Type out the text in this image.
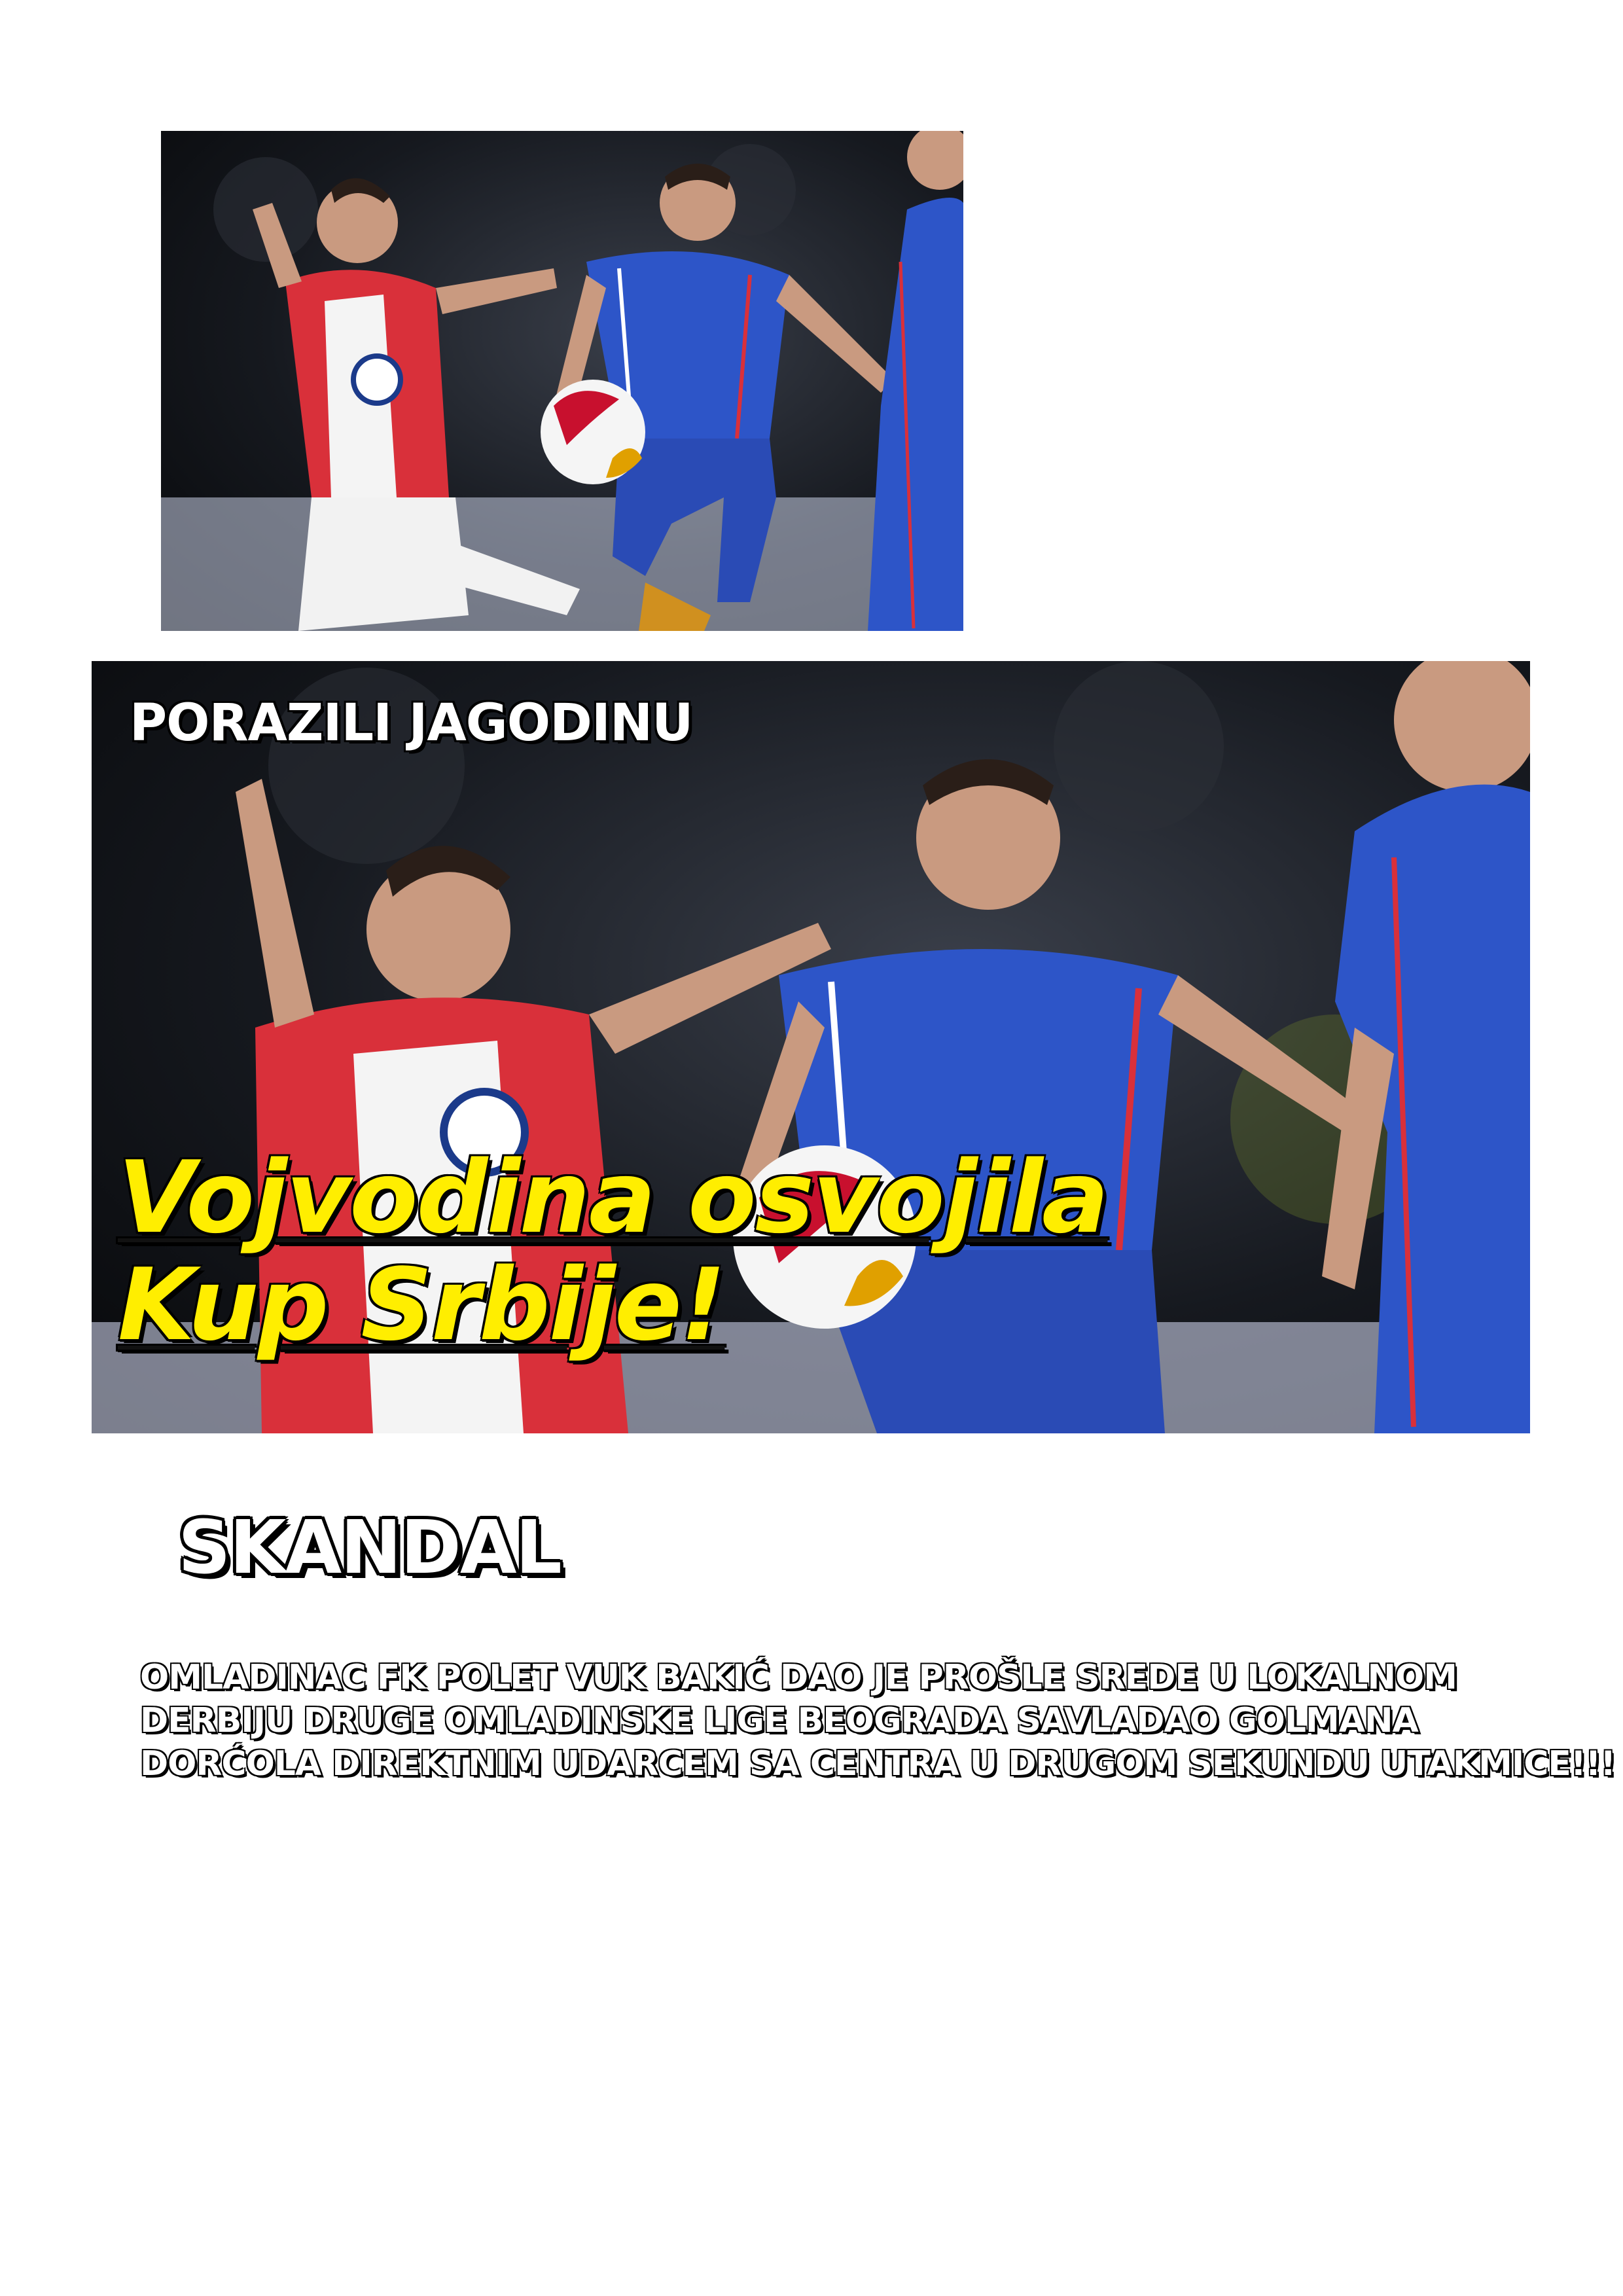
PORAZILI JAGODINU
Vojvodina osvojila
Kup Srbije!
SKANDAL

OMLADINAC FK POLET VUK BAKIĆ DAO JE PROŠLE SREDE U LOKALNOM
DERBIJU DRUGE OMLADINSKE LIGE BEOGRADA SAVLADAO GOLMANA
DORĆOLA DIREKTNIM UDARCEM SA CENTRA U DRUGOM SEKUNDU UTAKMICE!!!
